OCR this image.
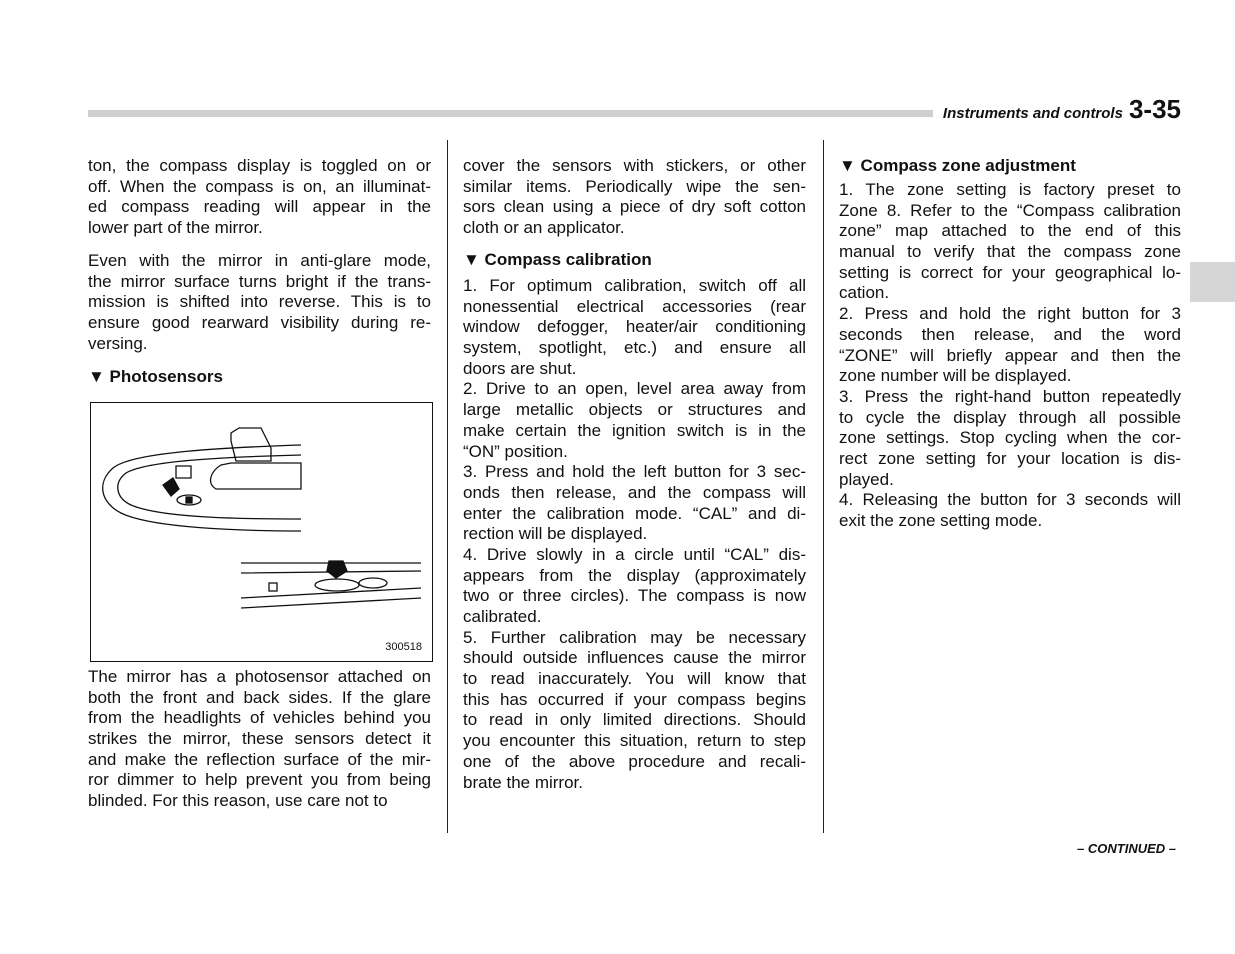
Instruments and controls 3-35
ton, the compass display is toggled on or
off. When the compass is on, an illuminat-
ed compass reading will appear in the
lower part of the mirror.
Even with the mirror in anti-glare mode,
the mirror surface turns bright if the trans-
mission is shifted into reverse. This is to
ensure good rearward visibility during re-
versing.
▼ Photosensors
300518
The mirror has a photosensor attached on
both the front and back sides. If the glare
from the headlights of vehicles behind you
strikes the mirror, these sensors detect it
and make the reflection surface of the mir-
ror dimmer to help prevent you from being
blinded. For this reason, use care not to
cover the sensors with stickers, or other
similar items. Periodically wipe the sen-
sors clean using a piece of dry soft cotton
cloth or an applicator.
▼ Compass calibration
1. For optimum calibration, switch off all
nonessential electrical accessories (rear
window defogger, heater/air conditioning
system, spotlight, etc.) and ensure all
doors are shut.
2. Drive to an open, level area away from
large metallic objects or structures and
make certain the ignition switch is in the
“ON” position.
3. Press and hold the left button for 3 sec-
onds then release, and the compass will
enter the calibration mode. “CAL” and di-
rection will be displayed.
4. Drive slowly in a circle until “CAL” dis-
appears from the display (approximately
two or three circles). The compass is now
calibrated.
5. Further calibration may be necessary
should outside influences cause the mirror
to read inaccurately. You will know that
this has occurred if your compass begins
to read in only limited directions. Should
you encounter this situation, return to step
one of the above procedure and recali-
brate the mirror.
▼ Compass zone adjustment
1. The zone setting is factory preset to
Zone 8. Refer to the “Compass calibration
zone” map attached to the end of this
manual to verify that the compass zone
setting is correct for your geographical lo-
cation.
2. Press and hold the right button for 3
seconds then release, and the word
“ZONE” will briefly appear and then the
zone number will be displayed.
3. Press the right-hand button repeatedly
to cycle the display through all possible
zone settings. Stop cycling when the cor-
rect zone setting for your location is dis-
played.
4. Releasing the button for 3 seconds will
exit the zone setting mode.
– CONTINUED –
